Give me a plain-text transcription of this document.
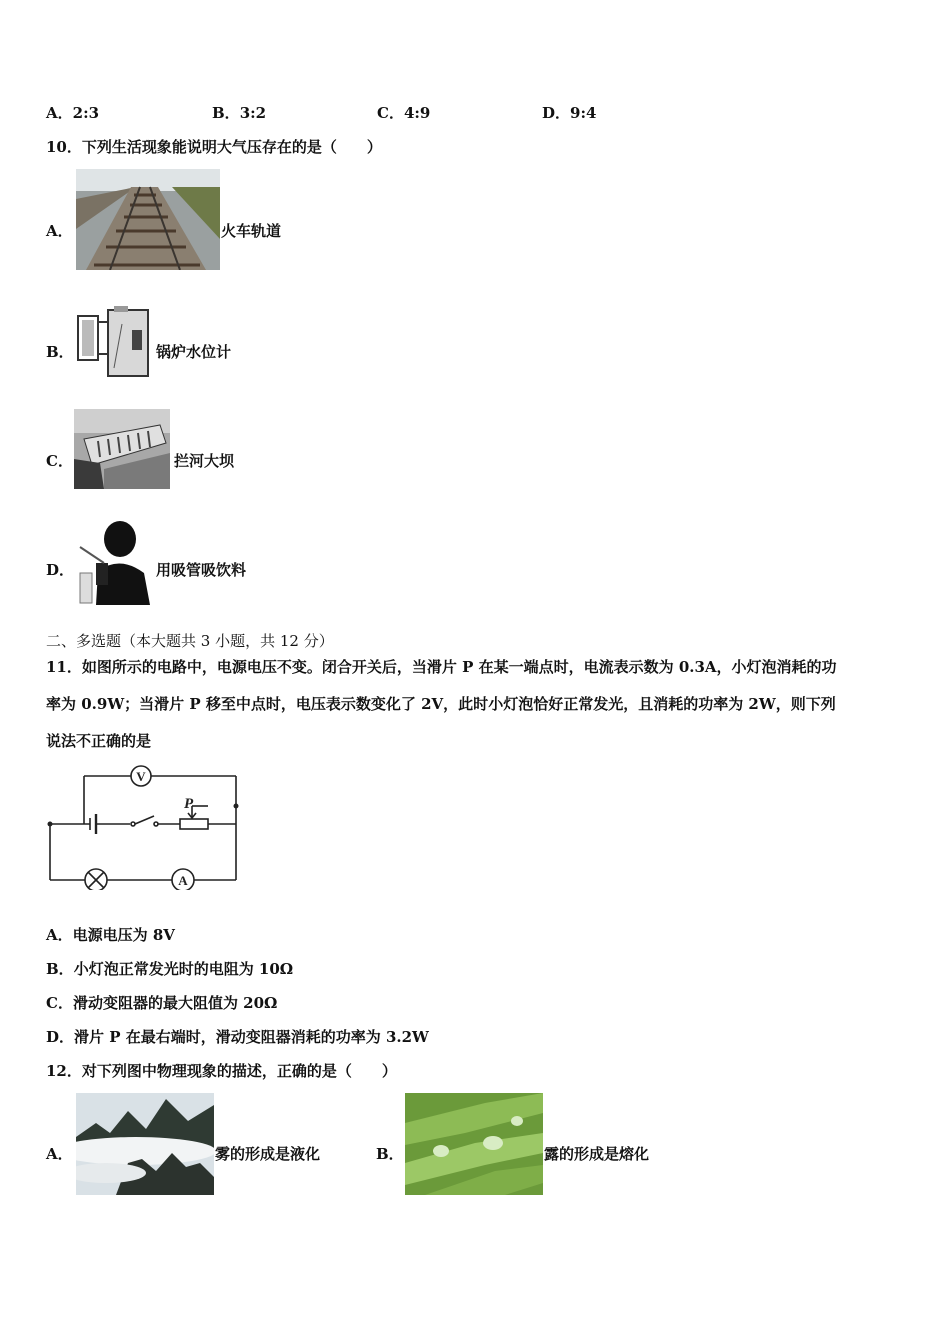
A．2:3	B．3:2	C．4:9	D．9:4
10．下列生活现象能说明大气压存在的是（　　）
A．	火车轨道
B．	锅炉水位计
C．	拦河大坝
D．	用吸管吸饮料
二、多选题（本大题共 3 小题，共 12 分）
11．如图所示的电路中，电源电压不变。闭合开关后，当滑片 P 在某一端点时，电流表示数为 0.3A，小灯泡消耗的功
率为 0.9W；当滑片 P 移至中点时，电压表示数变化了 2V，此时小灯泡恰好正常发光，且消耗的功率为 2W，则下列
说法不正确的是
V
A
P
A．电源电压为 8V
B．小灯泡正常发光时的电阻为 10Ω
C．滑动变阻器的最大阻值为 20Ω
D．滑片 P 在最右端时，滑动变阻器消耗的功率为 3.2W
12．对下列图中物理现象的描述，正确的是（　　）
A．	雾的形成是液化	B．	露的形成是熔化
